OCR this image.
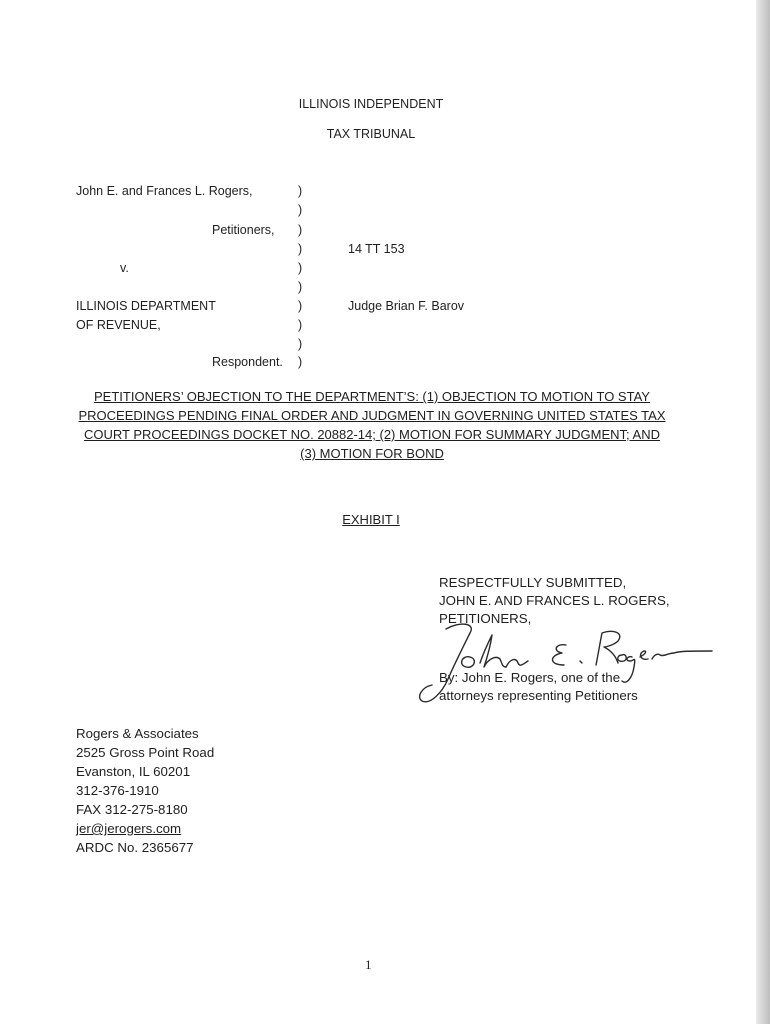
ILLINOIS INDEPENDENT
TAX TRIBUNAL
John E. and Frances L. Rogers,
Petitioners,
v.
ILLINOIS DEPARTMENT
OF REVENUE,
Respondent.
)
)
)
)
)
)
)
)
)
)
14 TT 153
Judge Brian F. Barov
PETITIONERS’ OBJECTION TO THE DEPARTMENT’S: (1) OBJECTION TO MOTION TO STAY
PROCEEDINGS PENDING FINAL ORDER AND JUDGMENT IN GOVERNING UNITED STATES TAX
COURT PROCEEDINGS DOCKET NO. 20882-14; (2) MOTION FOR SUMMARY JUDGMENT; AND
(3) MOTION FOR BOND
EXHIBIT I
RESPECTFULLY SUBMITTED,
JOHN E. AND FRANCES L. ROGERS,
PETITIONERS,
By: John E. Rogers, one of the
attorneys representing Petitioners
Rogers & Associates
2525 Gross Point Road
Evanston, IL 60201
312-376-1910
FAX 312-275-8180
jer@jerogers.com
ARDC No. 2365677
1
